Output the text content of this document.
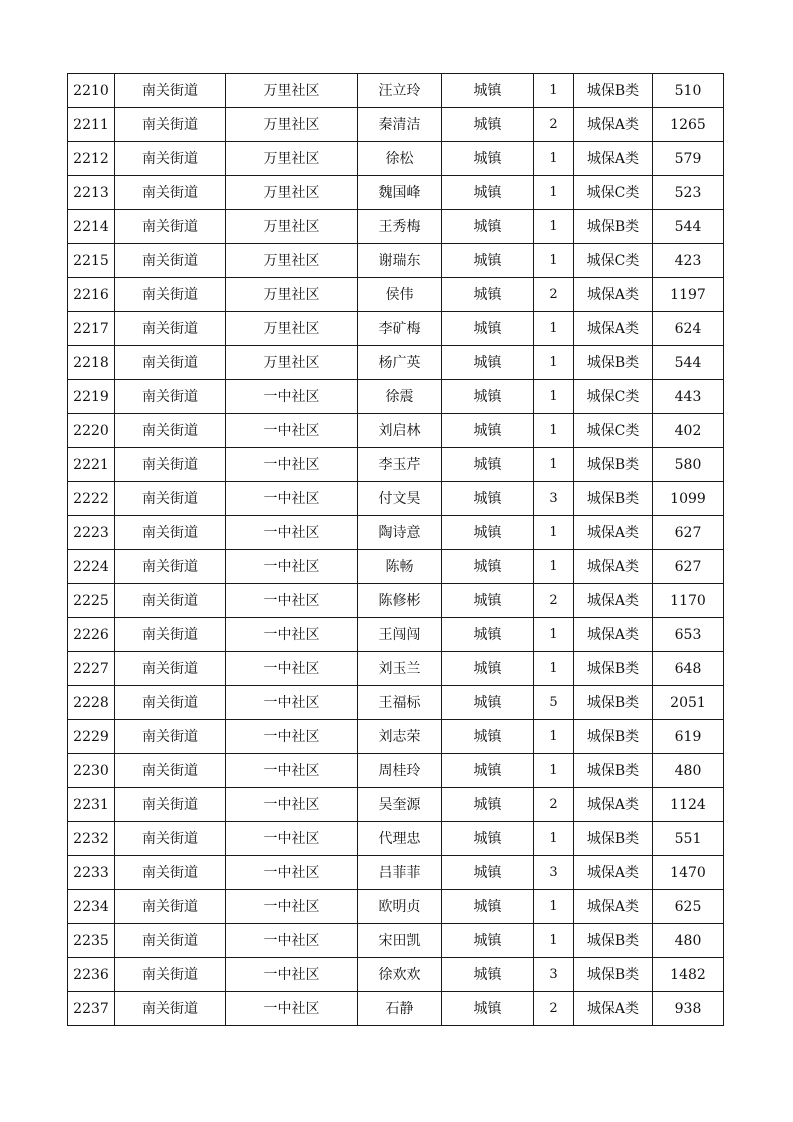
2210	南关街道	万里社区	汪立玲	城镇	1	城保B类	510
2211	南关街道	万里社区	秦清洁	城镇	2	城保A类	1265
2212	南关街道	万里社区	徐松	城镇	1	城保A类	579
2213	南关街道	万里社区	魏国峰	城镇	1	城保C类	523
2214	南关街道	万里社区	王秀梅	城镇	1	城保B类	544
2215	南关街道	万里社区	谢瑞东	城镇	1	城保C类	423
2216	南关街道	万里社区	侯伟	城镇	2	城保A类	1197
2217	南关街道	万里社区	李矿梅	城镇	1	城保A类	624
2218	南关街道	万里社区	杨广英	城镇	1	城保B类	544
2219	南关街道	一中社区	徐震	城镇	1	城保C类	443
2220	南关街道	一中社区	刘启林	城镇	1	城保C类	402
2221	南关街道	一中社区	李玉芹	城镇	1	城保B类	580
2222	南关街道	一中社区	付文昊	城镇	3	城保B类	1099
2223	南关街道	一中社区	陶诗意	城镇	1	城保A类	627
2224	南关街道	一中社区	陈畅	城镇	1	城保A类	627
2225	南关街道	一中社区	陈修彬	城镇	2	城保A类	1170
2226	南关街道	一中社区	王闯闯	城镇	1	城保A类	653
2227	南关街道	一中社区	刘玉兰	城镇	1	城保B类	648
2228	南关街道	一中社区	王福标	城镇	5	城保B类	2051
2229	南关街道	一中社区	刘志荣	城镇	1	城保B类	619
2230	南关街道	一中社区	周桂玲	城镇	1	城保B类	480
2231	南关街道	一中社区	吴奎源	城镇	2	城保A类	1124
2232	南关街道	一中社区	代理忠	城镇	1	城保B类	551
2233	南关街道	一中社区	吕菲菲	城镇	3	城保A类	1470
2234	南关街道	一中社区	欧明贞	城镇	1	城保A类	625
2235	南关街道	一中社区	宋田凯	城镇	1	城保B类	480
2236	南关街道	一中社区	徐欢欢	城镇	3	城保B类	1482
2237	南关街道	一中社区	石静	城镇	2	城保A类	938
